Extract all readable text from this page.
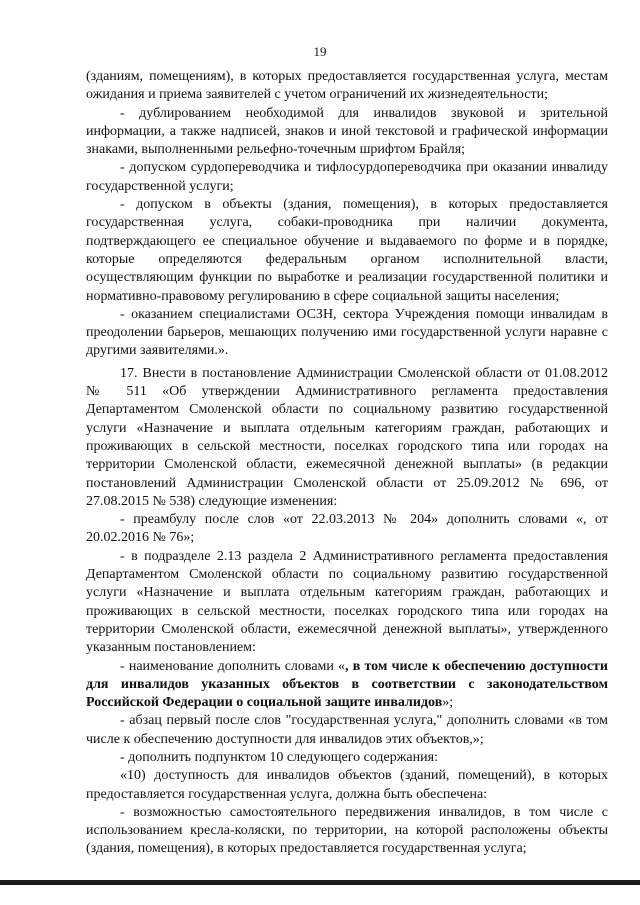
19

(зданиям, помещениям), в которых предоставляется государственная услуга, местам ожидания и приема заявителей с учетом ограничений их жизнедеятельности;

- дублированием необходимой для инвалидов звуковой и зрительной информации, а также надписей, знаков и иной текстовой и графической информации знаками, выполненными рельефно-точечным шрифтом Брайля;

- допуском сурдопереводчика и тифлосурдопереводчика при оказании инвалиду государственной услуги;

- допуском в объекты (здания, помещения), в которых предоставляется государственная услуга, собаки-проводника при наличии документа, подтверждающего ее специальное обучение и выдаваемого по форме и в порядке, которые определяются федеральным органом исполнительной власти, осуществляющим функции по выработке и реализации государственной политики и нормативно-правовому регулированию в сфере социальной защиты населения;

- оказанием специалистами ОСЗН, сектора Учреждения помощи инвалидам в преодолении барьеров, мешающих получению ими государственной услуги наравне с другими заявителями.».

17. Внести в постановление Администрации Смоленской области от 01.08.2012 № 511 «Об утверждении Административного регламента предоставления Департаментом Смоленской области по социальному развитию государственной услуги «Назначение и выплата отдельным категориям граждан, работающих и проживающих в сельской местности, поселках городского типа или городах на территории Смоленской области, ежемесячной денежной выплаты» (в редакции постановлений Администрации Смоленской области от 25.09.2012 № 696, от 27.08.2015 № 538) следующие изменения:

- преамбулу после слов «от 22.03.2013 № 204» дополнить словами «, от 20.02.2016 № 76»;

- в подразделе 2.13 раздела 2 Административного регламента предоставления Департаментом Смоленской области по социальному развитию государственной услуги «Назначение и выплата отдельным категориям граждан, работающих и проживающих в сельской местности, поселках городского типа или городах на территории Смоленской области, ежемесячной денежной выплаты», утвержденного указанным постановлением:

- наименование дополнить словами «, в том числе к обеспечению доступности для инвалидов указанных объектов в соответствии с законодательством Российской Федерации о социальной защите инвалидов»;

- абзац первый после слов "государственная услуга," дополнить словами «в том числе к обеспечению доступности для инвалидов этих объектов,»;

- дополнить подпунктом 10 следующего содержания:

«10) доступность для инвалидов объектов (зданий, помещений), в которых предоставляется государственная услуга, должна быть обеспечена:

- возможностью самостоятельного передвижения инвалидов, в том числе с использованием кресла-коляски, по территории, на которой расположены объекты (здания, помещения), в которых предоставляется государственная услуга;
